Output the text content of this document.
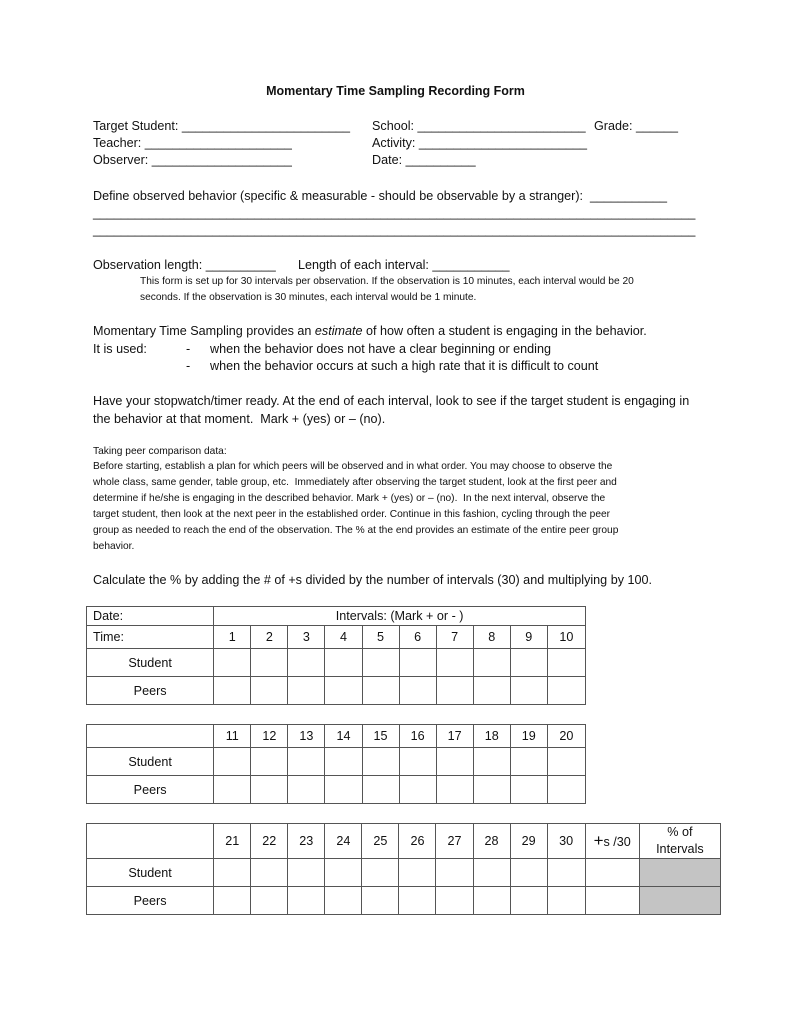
Momentary Time Sampling Recording Form
Target Student: ________________________ School: ________________________ Grade: ______
Teacher: _____________________	Activity: ________________________
Observer: ____________________	Date: __________
Define observed behavior (specific & measurable - should be observable by a stranger):  ___________
______________________________________________________________________________________
______________________________________________________________________________________
Observation length: __________ Length of each interval: ___________
This form is set up for 30 intervals per observation. If the observation is 10 minutes, each interval would be 20
seconds. If the observation is 30 minutes, each interval would be 1 minute.
Momentary Time Sampling provides an estimate of how often a student is engaging in the behavior.
It is used:	- when the behavior does not have a clear beginning or ending
- when the behavior occurs at such a high rate that it is difficult to count
Have your stopwatch/timer ready. At the end of each interval, look to see if the target student is engaging in
the behavior at that moment.  Mark + (yes) or – (no).
Taking peer comparison data:
Before starting, establish a plan for which peers will be observed and in what order. You may choose to observe the
whole class, same gender, table group, etc.  Immediately after observing the target student, look at the first peer and
determine if he/she is engaging in the described behavior. Mark + (yes) or – (no).  In the next interval, observe the
target student, then look at the next peer in the established order. Continue in this fashion, cycling through the peer
group as needed to reach the end of the observation. The % at the end provides an estimate of the entire peer group
behavior.
Calculate the % by adding the # of +s divided by the number of intervals (30) and multiplying by 100.
Date:	Intervals: (Mark + or - )									
Time:	1	2	3	4	5	6	7	8	9	10
Student										
Peers										
	11	12	13	14	15	16	17	18	19	20
Student										
Peers										
	21	22	23	24	25	26	27	28	29	30	+s /30	% of
Intervals
Student												
Peers												
